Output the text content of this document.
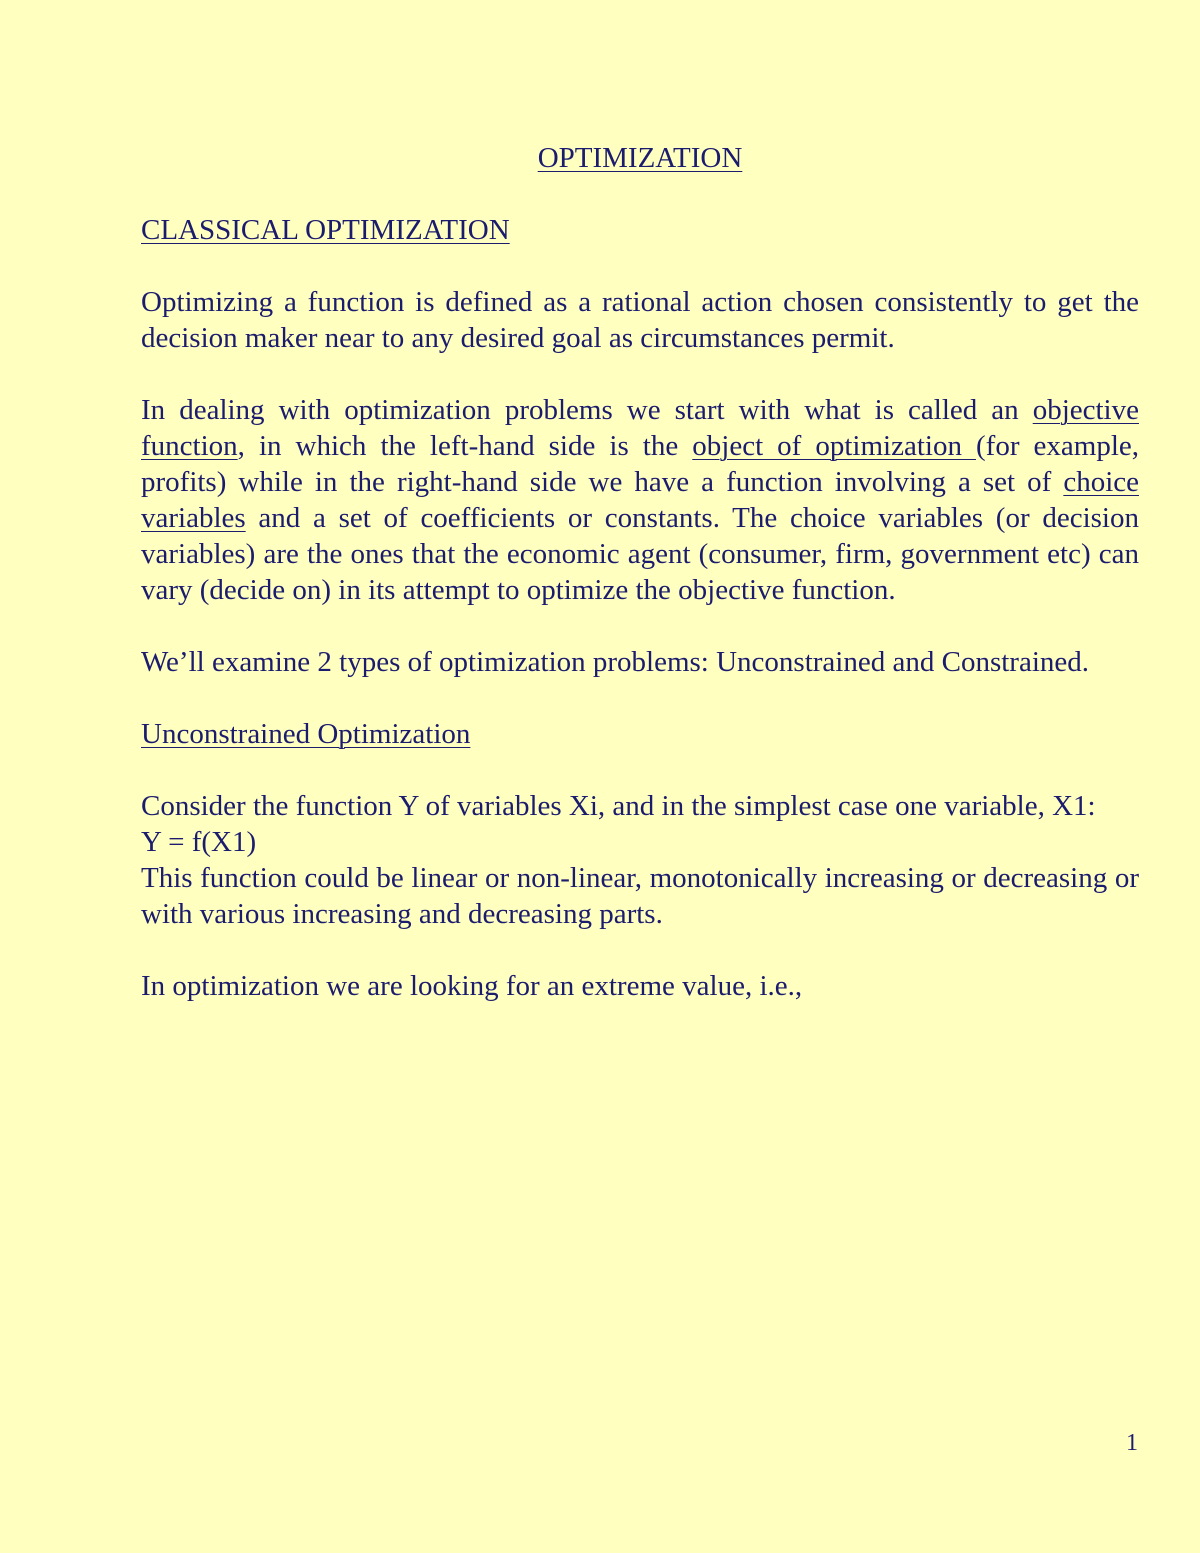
OPTIMIZATION
CLASSICAL OPTIMIZATION

Optimizing a function is defined as a rational action chosen consistently to get the decision maker near to any desired goal as circumstances permit.

In dealing with optimization problems we start with what is called an objective function, in which the left-hand side is the object of optimization (for example, profits) while in the right-hand side we have a function involving a set of choice variables and a set of coefficients or constants. The choice variables (or decision variables) are the ones that the economic agent (consumer, firm, government etc) can vary (decide on) in its attempt to optimize the objective function.

We’ll examine 2 types of optimization problems: Unconstrained and Constrained.

Unconstrained Optimization

Consider the function Y of variables Xi, and in the simplest case one variable, X1:

Y = f(X1)

This function could be linear or non-linear, monotonically increasing or decreasing or with various increasing and decreasing parts.

In optimization we are looking for an extreme value, i.e.,

1
